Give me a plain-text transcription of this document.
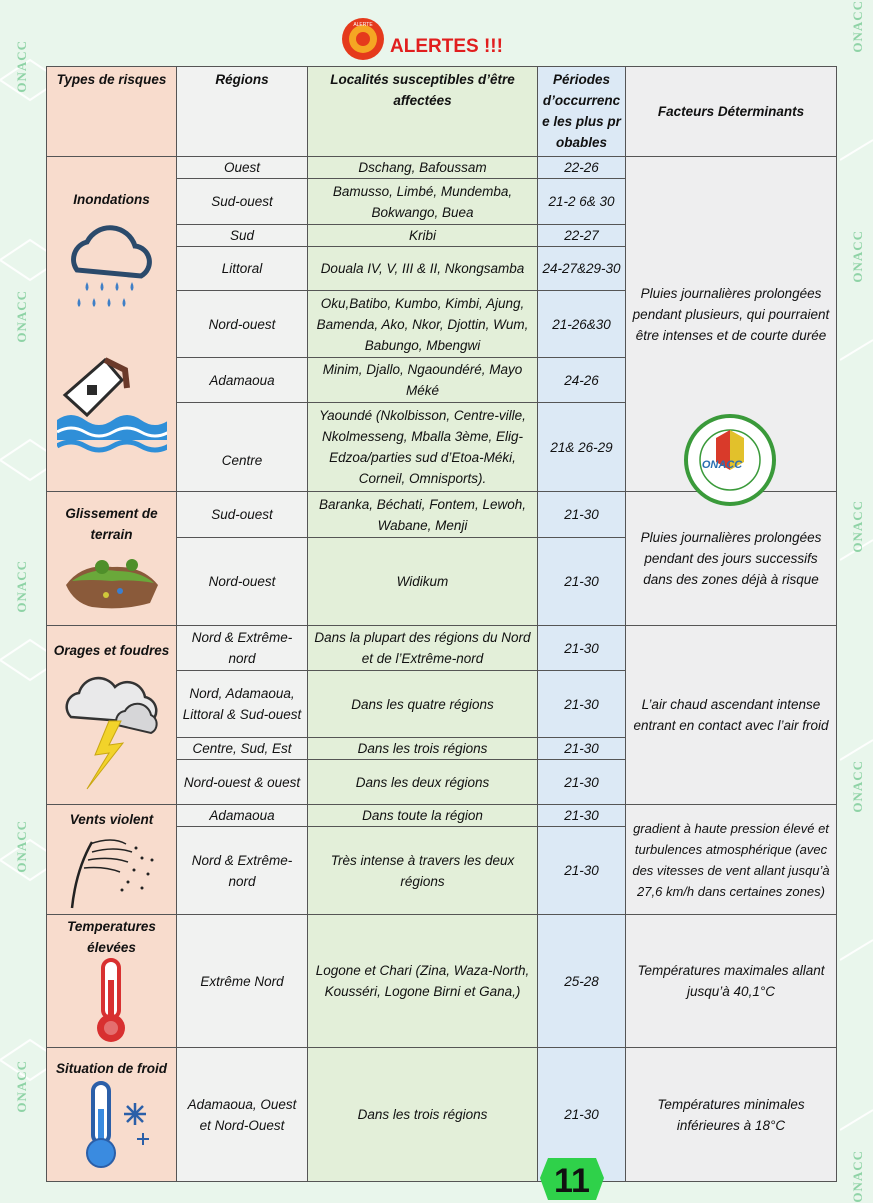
ONACC
ONACC
ONACC
ONACC
ONACC
ONACC
ONACC
ONACC
ONACC
ONACC
ALERTE
ALERTES !!!
Types de risques	Régions	Localités susceptibles d’être affectées	Périodes d’occurrence les plus probables	Facteurs Déterminants

Inondations	Ouest	Dschang, Bafoussam	22-26	Pluies journalières prolongées pendant plusieurs, qui pourraient être intenses et de courte durée
ONACC

	Sud-ouest	Bamusso, Limbé, Mundemba, Bokwango, Buea	21-2 6& 30	
	Sud	Kribi	22-27	
	Littoral	Douala IV, V, III & II, Nkongsamba	24-27&29-30	
	Nord-ouest	Oku,Batibo, Kumbo, Kimbi, Ajung, Bamenda, Ako, Nkor, Djottin, Wum, Babungo, Mbengwi	21-26&30	
	Adamaoua	Minim, Djallo, Ngaoundéré, Mayo Méké	24-26	
	Centre	Yaoundé (Nkolbisson, Centre-ville, Nkolmesseng, Mballa 3ème, Elig-Edzoa/parties sud d’Etoa-Méki, Corneil, Omnisports).	21& 26-29	

Glissement de terrain	Sud-ouest	Baranka, Béchati, Fontem, Lewoh, Wabane, Menji	21-30	Pluies journalières prolongées pendant des jours successifs dans des zones déjà à risque
	Nord-ouest	Widikum	21-30	

Orages et foudres	Nord & Extrême-nord	Dans la plupart des régions du Nord et de l’Extrême-nord	21-30	L’air chaud ascendant intense entrant en contact avec l’air froid
	Nord, Adamaoua, Littoral & Sud-ouest	Dans les quatre régions	21-30	
	Centre, Sud, Est	Dans les trois régions	21-30	
	Nord-ouest & ouest	Dans les deux régions	21-30	

Vents violent	Adamaoua	Dans toute la région	21-30	gradient à haute pression élevé et turbulences atmosphérique (avec des vitesses de vent allant jusqu’à 27,6 km/h dans certaines zones)
	Nord & Extrême-nord	Très intense à travers les deux régions	21-30	

Temperatures élevées	Extrême Nord	Logone et Chari (Zina, Waza-North, Kousséri, Logone Birni et Gana,)	25-28	Températures maximales allant jusqu’à 40,1°C

Situation de froid	Adamaoua, Ouest et Nord-Ouest	Dans les trois régions	21-30	Températures minimales inférieures à 18°C
11
